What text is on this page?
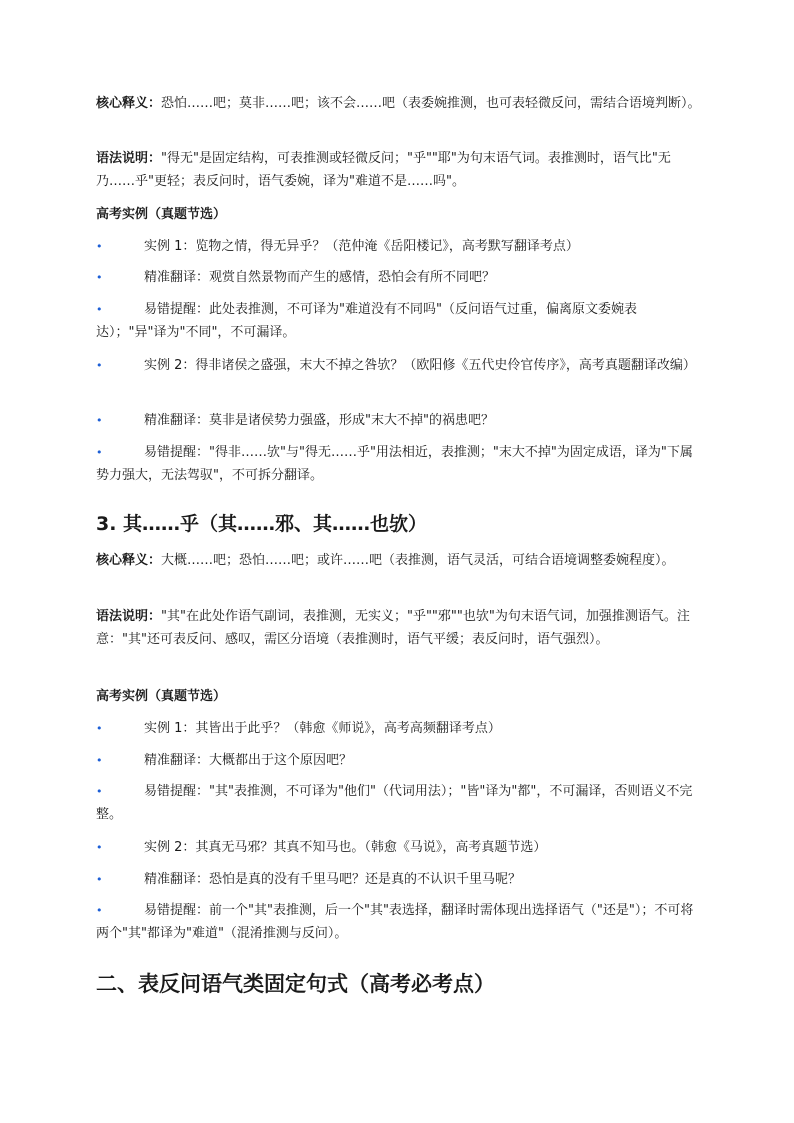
核心释义：恐怕……吧；莫非……吧；该不会……吧（表委婉推测，也可表轻微反问，需结合语境判断）。

语法说明："得无"是固定结构，可表推测或轻微反问；"乎""耶"为句末语气词。表推测时，语气比"无乃……乎"更轻；表反问时，语气委婉，译为"难道不是……吗"。

高考实例（真题节选）

•	实例 1：览物之情，得无异乎？（范仲淹《岳阳楼记》，高考默写翻译考点）

•	精准翻译：观赏自然景物而产生的感情，恐怕会有所不同吧？

•	易错提醒：此处表推测，不可译为"难道没有不同吗"（反问语气过重，偏离原文委婉表达）；"异"译为"不同"，不可漏译。

•	实例 2：得非诸侯之盛强，末大不掉之咎欤？（欧阳修《五代史伶官传序》，高考真题翻译改编）

•	精准翻译：莫非是诸侯势力强盛，形成"末大不掉"的祸患吧？

•	易错提醒："得非……欤"与"得无……乎"用法相近，表推测；"末大不掉"为固定成语，译为"下属势力强大，无法驾驭"，不可拆分翻译。

3. 其……乎（其……邪、其……也欤）

核心释义：大概……吧；恐怕……吧；或许……吧（表推测，语气灵活，可结合语境调整委婉程度）。

语法说明："其"在此处作语气副词，表推测，无实义；"乎""邪""也欤"为句末语气词，加强推测语气。注意："其"还可表反问、感叹，需区分语境（表推测时，语气平缓；表反问时，语气强烈）。

高考实例（真题节选）

•	实例 1：其皆出于此乎？（韩愈《师说》，高考高频翻译考点）

•	精准翻译：大概都出于这个原因吧？

•	易错提醒："其"表推测，不可译为"他们"（代词用法）；"皆"译为"都"，不可漏译，否则语义不完整。

•	实例 2：其真无马邪？其真不知马也。（韩愈《马说》，高考真题节选）

•	精准翻译：恐怕是真的没有千里马吧？还是真的不认识千里马呢？

•	易错提醒：前一个"其"表推测，后一个"其"表选择，翻译时需体现出选择语气（"还是"）；不可将两个"其"都译为"难道"（混淆推测与反问）。

二、表反问语气类固定句式（高考必考点）
